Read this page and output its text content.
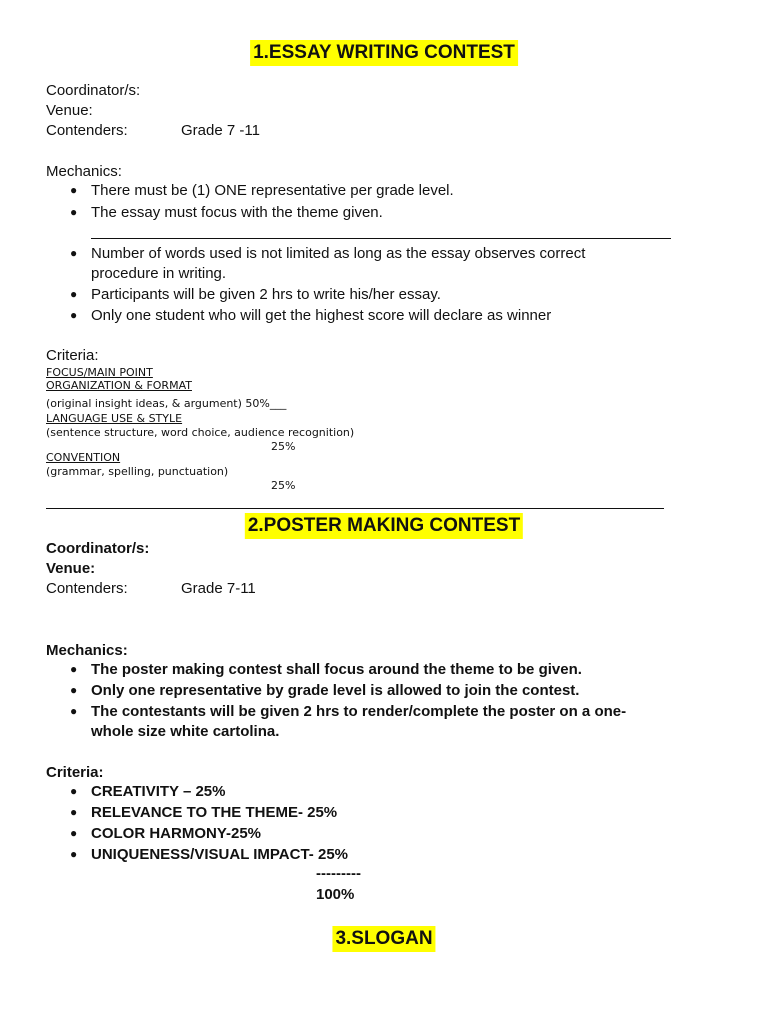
1.ESSAY WRITING CONTEST
Coordinator/s:
Venue:
Contenders:	Grade 7 -11
Mechanics:
● There must be (1) ONE representative per grade level.
● The essay must focus with the theme given.
● Number of words used is not limited as long as the essay observes correct
procedure in writing.
● Participants will be given 2 hrs to write his/her essay.
● Only one student who will get the highest score will declare as winner
Criteria:
FOCUS/MAIN POINT
ORGANIZATION & FORMAT
(original insight ideas, & argument) 50%___
LANGUAGE USE & STYLE
(sentence structure, word choice, audience recognition)
25%
CONVENTION
(grammar, spelling, punctuation)
25%
2.POSTER MAKING CONTEST
Coordinator/s:
Venue:
Contenders:	Grade 7-11
Mechanics:
● The poster making contest shall focus around the theme to be given.
● Only one representative by grade level is allowed to join the contest.
● The contestants will be given 2 hrs to render/complete the poster on a one-
whole size white cartolina.
Criteria:
● CREATIVITY – 25%
● RELEVANCE TO THE THEME- 25%
● COLOR HARMONY-25%
● UNIQUENESS/VISUAL IMPACT- 25%
---------
100%
3.SLOGAN
